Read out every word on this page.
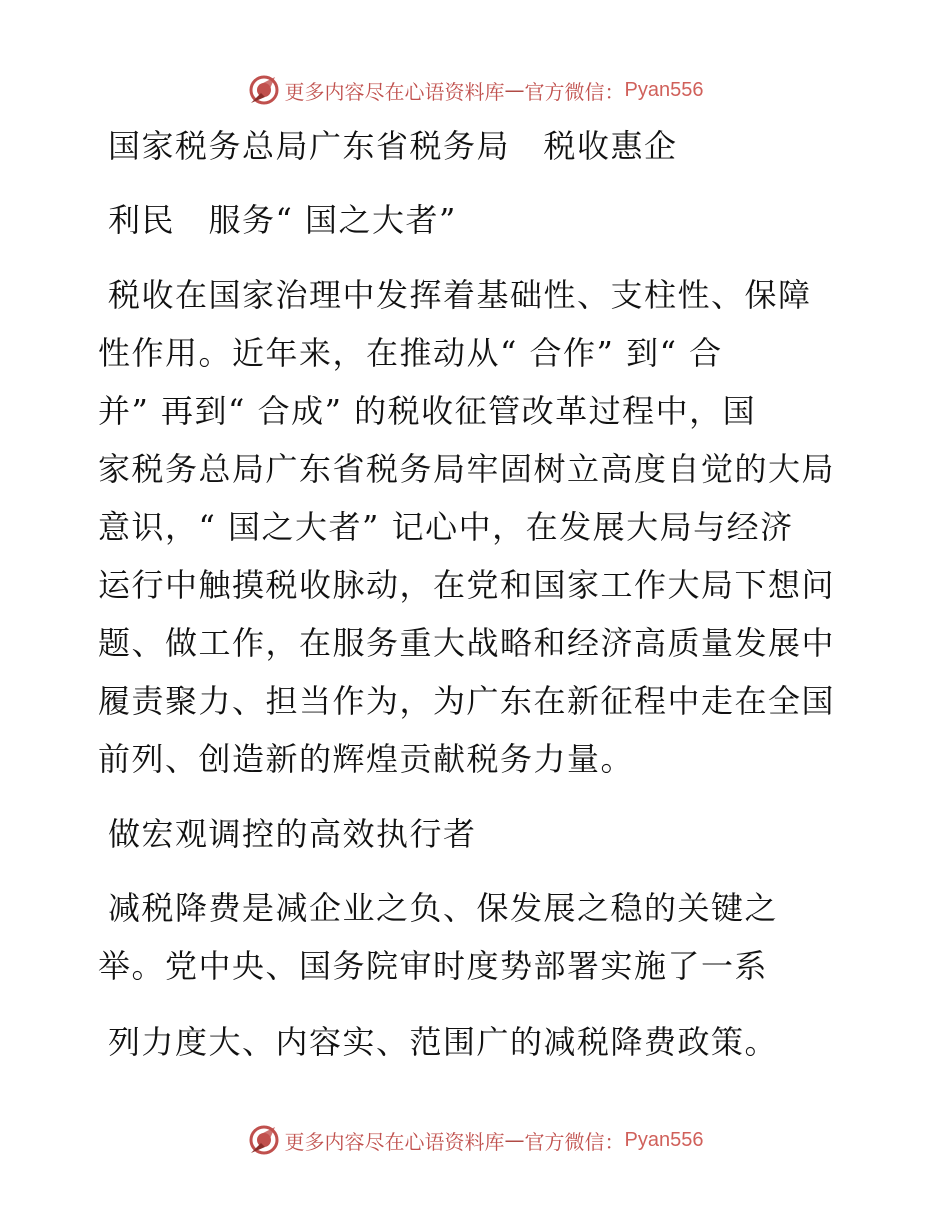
更多内容尽在心语资料库 — 官方微信： Pyan556
国家税务总局广东省税务局　税收惠企
利民　服务“ 国之大者”
税收在国家治理中发挥着基础性、支柱性、保障
性作用。近年来，在推动从“ 合作” 到“ 合
并” 再到“ 合成” 的税收征管改革过程中，国
家税务总局广东省税务局牢固树立高度自觉的大局
意识，“ 国之大者” 记心中，在发展大局与经济
运行中触摸税收脉动，在党和国家工作大局下想问
题、做工作，在服务重大战略和经济高质量发展中
履责聚力、担当作为，为广东在新征程中走在全国
前列、创造新的辉煌贡献税务力量。
做宏观调控的高效执行者
减税降费是减企业之负、保发展之稳的关键之
举。党中央、国务院审时度势部署实施了一系
列力度大、内容实、范围广的减税降费政策。
更多内容尽在心语资料库 — 官方微信： Pyan556
